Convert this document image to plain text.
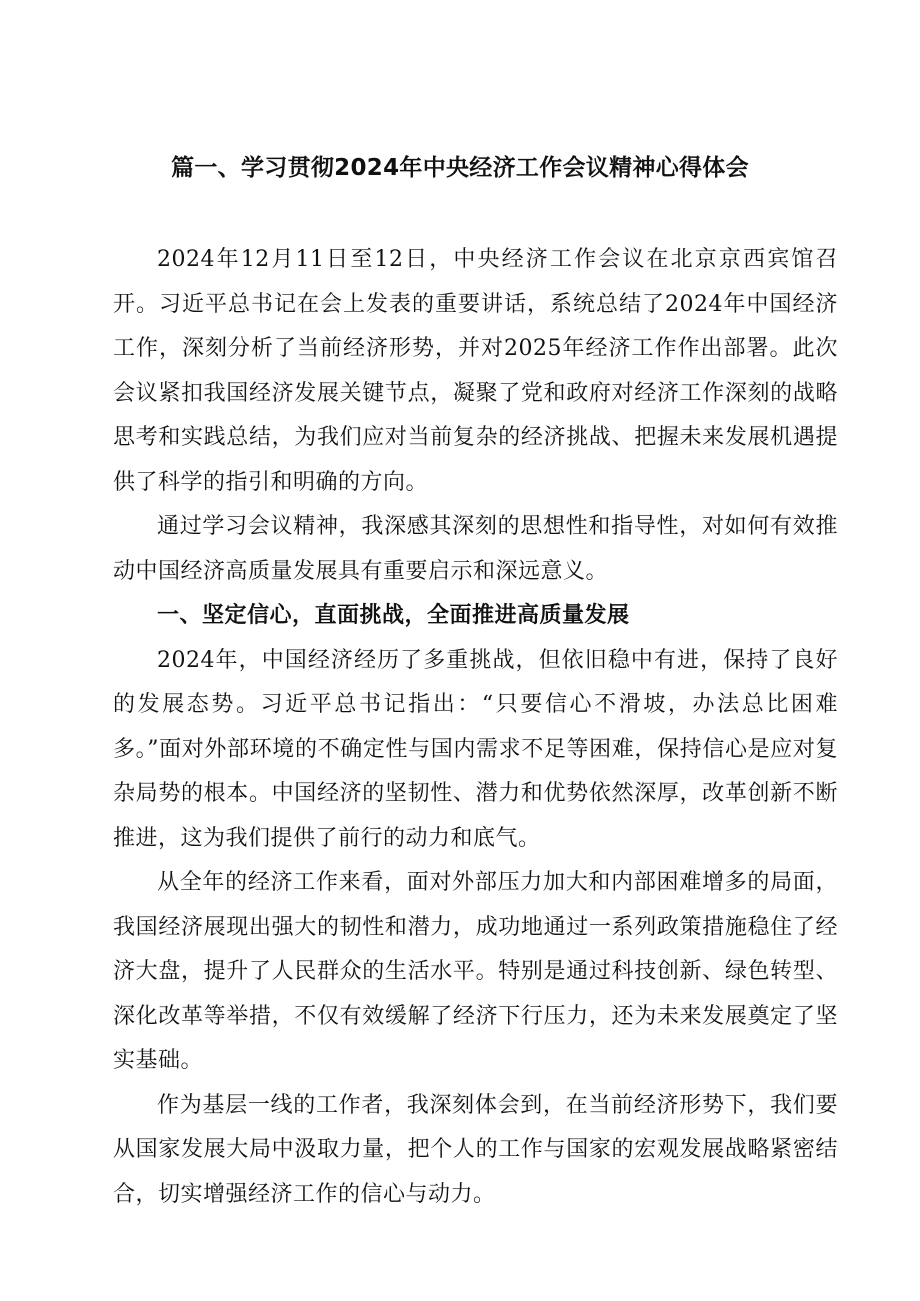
篇一、学习贯彻2024年中央经济工作会议精神心得体会

2024年12月11日至12日，中央经济工作会议在北京京西宾馆召开。习近平总书记在会上发表的重要讲话，系统总结了2024年中国经济工作，深刻分析了当前经济形势，并对2025年经济工作作出部署。此次会议紧扣我国经济发展关键节点，凝聚了党和政府对经济工作深刻的战略思考和实践总结，为我们应对当前复杂的经济挑战、把握未来发展机遇提供了科学的指引和明确的方向。

通过学习会议精神，我深感其深刻的思想性和指导性，对如何有效推动中国经济高质量发展具有重要启示和深远意义。

一、坚定信心，直面挑战，全面推进高质量发展

2024年，中国经济经历了多重挑战，但依旧稳中有进，保持了良好的发展态势。习近平总书记指出：“只要信心不滑坡，办法总比困难多。”面对外部环境的不确定性与国内需求不足等困难，保持信心是应对复杂局势的根本。中国经济的坚韧性、潜力和优势依然深厚，改革创新不断推进，这为我们提供了前行的动力和底气。

从全年的经济工作来看，面对外部压力加大和内部困难增多的局面，我国经济展现出强大的韧性和潜力，成功地通过一系列政策措施稳住了经济大盘，提升了人民群众的生活水平。特别是通过科技创新、绿色转型、深化改革等举措，不仅有效缓解了经济下行压力，还为未来发展奠定了坚实基础。

作为基层一线的工作者，我深刻体会到，在当前经济形势下，我们要从国家发展大局中汲取力量，把个人的工作与国家的宏观发展战略紧密结合，切实增强经济工作的信心与动力。
